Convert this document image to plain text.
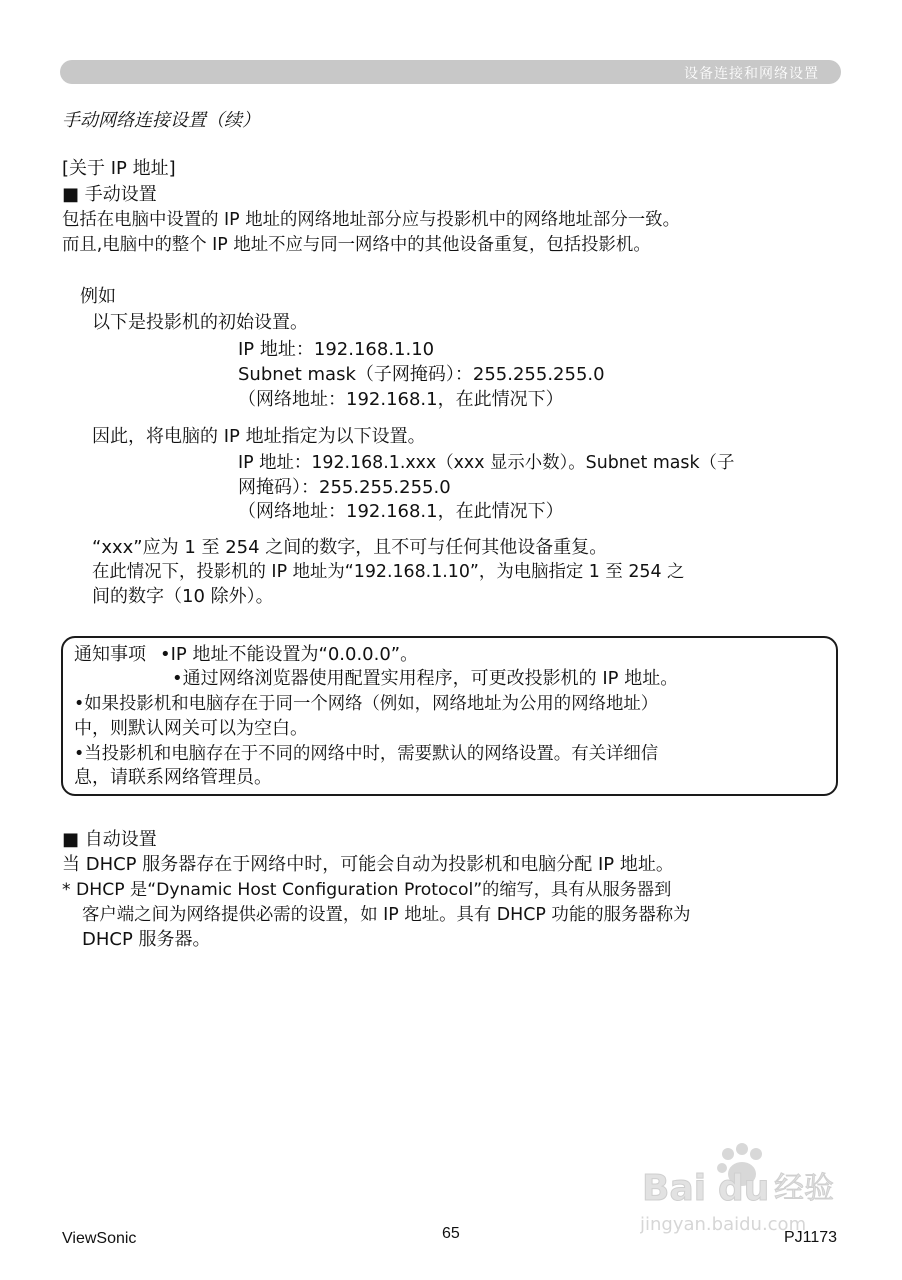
设备连接和网络设置
手动网络连接设置（续）
[关于 IP 地址]
■ 手动设置
包括在电脑中设置的 IP 地址的网络地址部分应与投影机中的网络地址部分一致。
而且,电脑中的整个 IP 地址不应与同一网络中的其他设备重复，包括投影机。
例如
以下是投影机的初始设置。
IP 地址：192.168.1.10
Subnet mask（子网掩码）：255.255.255.0
（网络地址：192.168.1，在此情况下）
因此，将电脑的 IP 地址指定为以下设置。
IP 地址：192.168.1.xxx（xxx 显示小数）。Subnet mask（子
网掩码）：255.255.255.0
（网络地址：192.168.1，在此情况下）
“xxx”应为 1 至 254 之间的数字，且不可与任何其他设备重复。
在此情况下，投影机的 IP 地址为“192.168.1.10”，为电脑指定 1 至 254 之
间的数字（10 除外）。
通知事项 •IP 地址不能设置为“0.0.0.0”。
•通过网络浏览器使用配置实用程序，可更改投影机的 IP 地址。
•如果投影机和电脑存在于同一个网络（例如，网络地址为公用的网络地址）
中，则默认网关可以为空白。
•当投影机和电脑存在于不同的网络中时，需要默认的网络设置。有关详细信
息，请联系网络管理员。
■ 自动设置
当 DHCP 服务器存在于网络中时，可能会自动为投影机和电脑分配 IP 地址。
* DHCP 是“Dynamic Host Configuration Protocol”的缩写，具有从服务器到
客户端之间为网络提供必需的设置，如 IP 地址。具有 DHCP 功能的服务器称为
DHCP 服务器。
Bai du 经验
jingyan.baidu.com
ViewSonic	65	PJ1173
